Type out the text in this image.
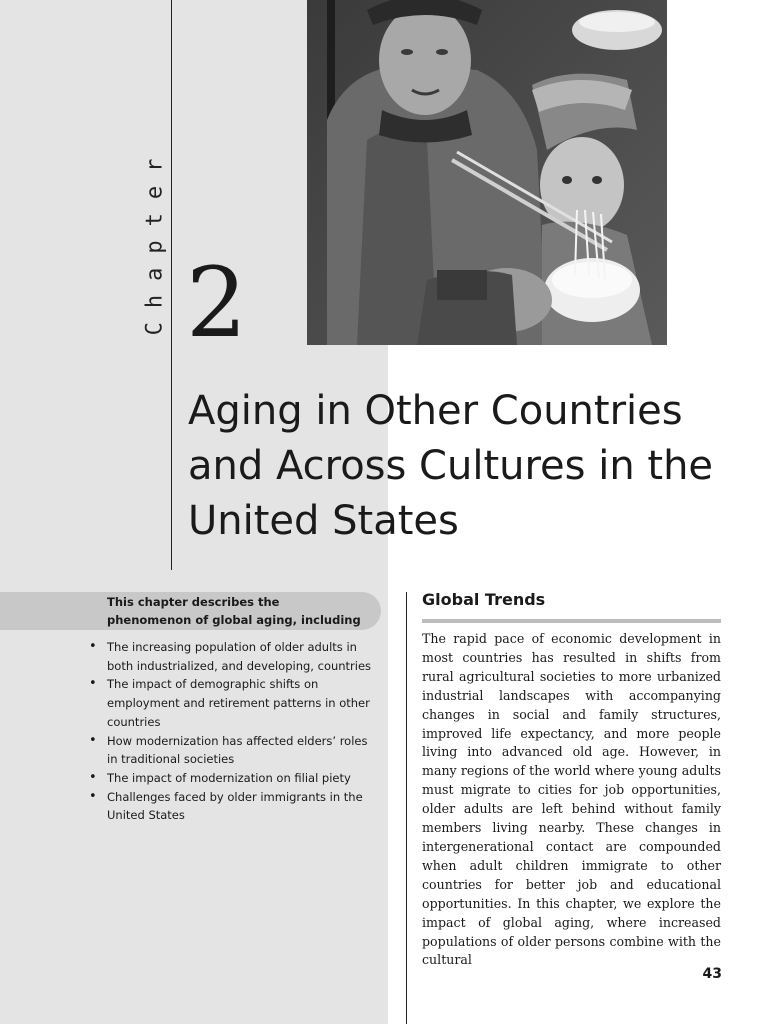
Chapter 2
Aging in Other Countries and Across Cultures in the United States
This chapter describes the phenomenon of global aging, including
• The increasing population of older adults in both industrialized, and developing, countries
• The impact of demographic shifts on employment and retirement patterns in other countries
• How modernization has affected elders’ roles in traditional societies
• The impact of modernization on filial piety
• Challenges faced by older immigrants in the United States
Global Trends

The rapid pace of economic development in most countries has resulted in shifts from rural agricultural societies to more urbanized industrial landscapes with accompanying changes in social and family structures, improved life expectancy, and more people living into advanced old age. However, in many regions of the world where young adults must migrate to cities for job opportunities, older adults are left behind without family members living nearby. These changes in intergenerational contact are compounded when adult children immigrate to other countries for better job and educational opportunities. In this chapter, we explore the impact of global aging, where increased populations of older persons combine with the cultural

43
